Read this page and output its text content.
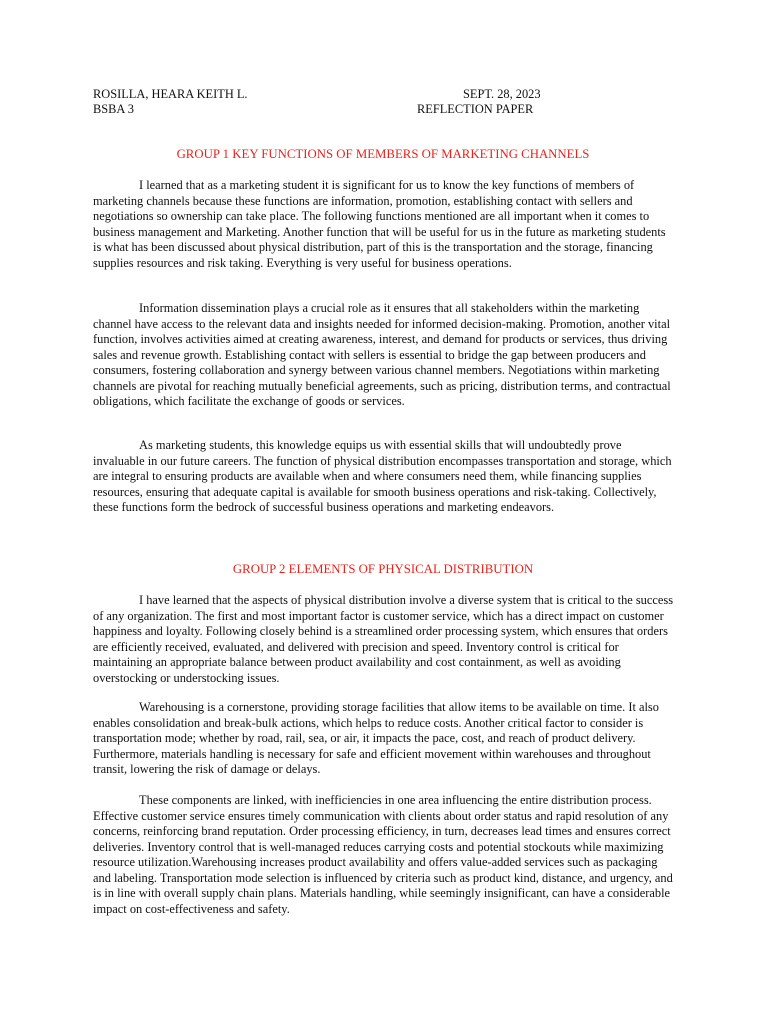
ROSILLA, HEARA KEITH L.	SEPT. 28, 2023
BSBA 3	REFLECTION PAPER
GROUP 1 KEY FUNCTIONS OF MEMBERS OF MARKETING CHANNELS

I learned that as a marketing student it is significant for us to know the key functions of members of marketing channels because these functions are information, promotion, establishing contact with sellers and negotiations so ownership can take place. The following functions mentioned are all important when it comes to business management and Marketing. Another function that will be useful for us in the future as marketing students is what has been discussed about physical distribution, part of this is the transportation and the storage, financing supplies resources and risk taking. Everything is very useful for business operations.

Information dissemination plays a crucial role as it ensures that all stakeholders within the marketing channel have access to the relevant data and insights needed for informed decision-making. Promotion, another vital function, involves activities aimed at creating awareness, interest, and demand for products or services, thus driving sales and revenue growth. Establishing contact with sellers is essential to bridge the gap between producers and consumers, fostering collaboration and synergy between various channel members. Negotiations within marketing channels are pivotal for reaching mutually beneficial agreements, such as pricing, distribution terms, and contractual obligations, which facilitate the exchange of goods or services.

As marketing students, this knowledge equips us with essential skills that will undoubtedly prove invaluable in our future careers. The function of physical distribution encompasses transportation and storage, which are integral to ensuring products are available when and where consumers need them, while financing supplies resources, ensuring that adequate capital is available for smooth business operations and risk-taking. Collectively, these functions form the bedrock of successful business operations and marketing endeavors.

GROUP 2 ELEMENTS OF PHYSICAL DISTRIBUTION

I have learned that the aspects of physical distribution involve a diverse system that is critical to the success of any organization. The first and most important factor is customer service, which has a direct impact on customer happiness and loyalty. Following closely behind is a streamlined order processing system, which ensures that orders are efficiently received, evaluated, and delivered with precision and speed. Inventory control is critical for maintaining an appropriate balance between product availability and cost containment, as well as avoiding overstocking or understocking issues.

Warehousing is a cornerstone, providing storage facilities that allow items to be available on time. It also enables consolidation and break-bulk actions, which helps to reduce costs. Another critical factor to consider is transportation mode; whether by road, rail, sea, or air, it impacts the pace, cost, and reach of product delivery. Furthermore, materials handling is necessary for safe and efficient movement within warehouses and throughout transit, lowering the risk of damage or delays.

These components are linked, with inefficiencies in one area influencing the entire distribution process. Effective customer service ensures timely communication with clients about order status and rapid resolution of any concerns, reinforcing brand reputation. Order processing efficiency, in turn, decreases lead times and ensures correct deliveries. Inventory control that is well-managed reduces carrying costs and potential stockouts while maximizing resource utilization.Warehousing increases product availability and offers value-added services such as packaging and labeling. Transportation mode selection is influenced by criteria such as product kind, distance, and urgency, and is in line with overall supply chain plans. Materials handling, while seemingly insignificant, can have a considerable impact on cost-effectiveness and safety.
